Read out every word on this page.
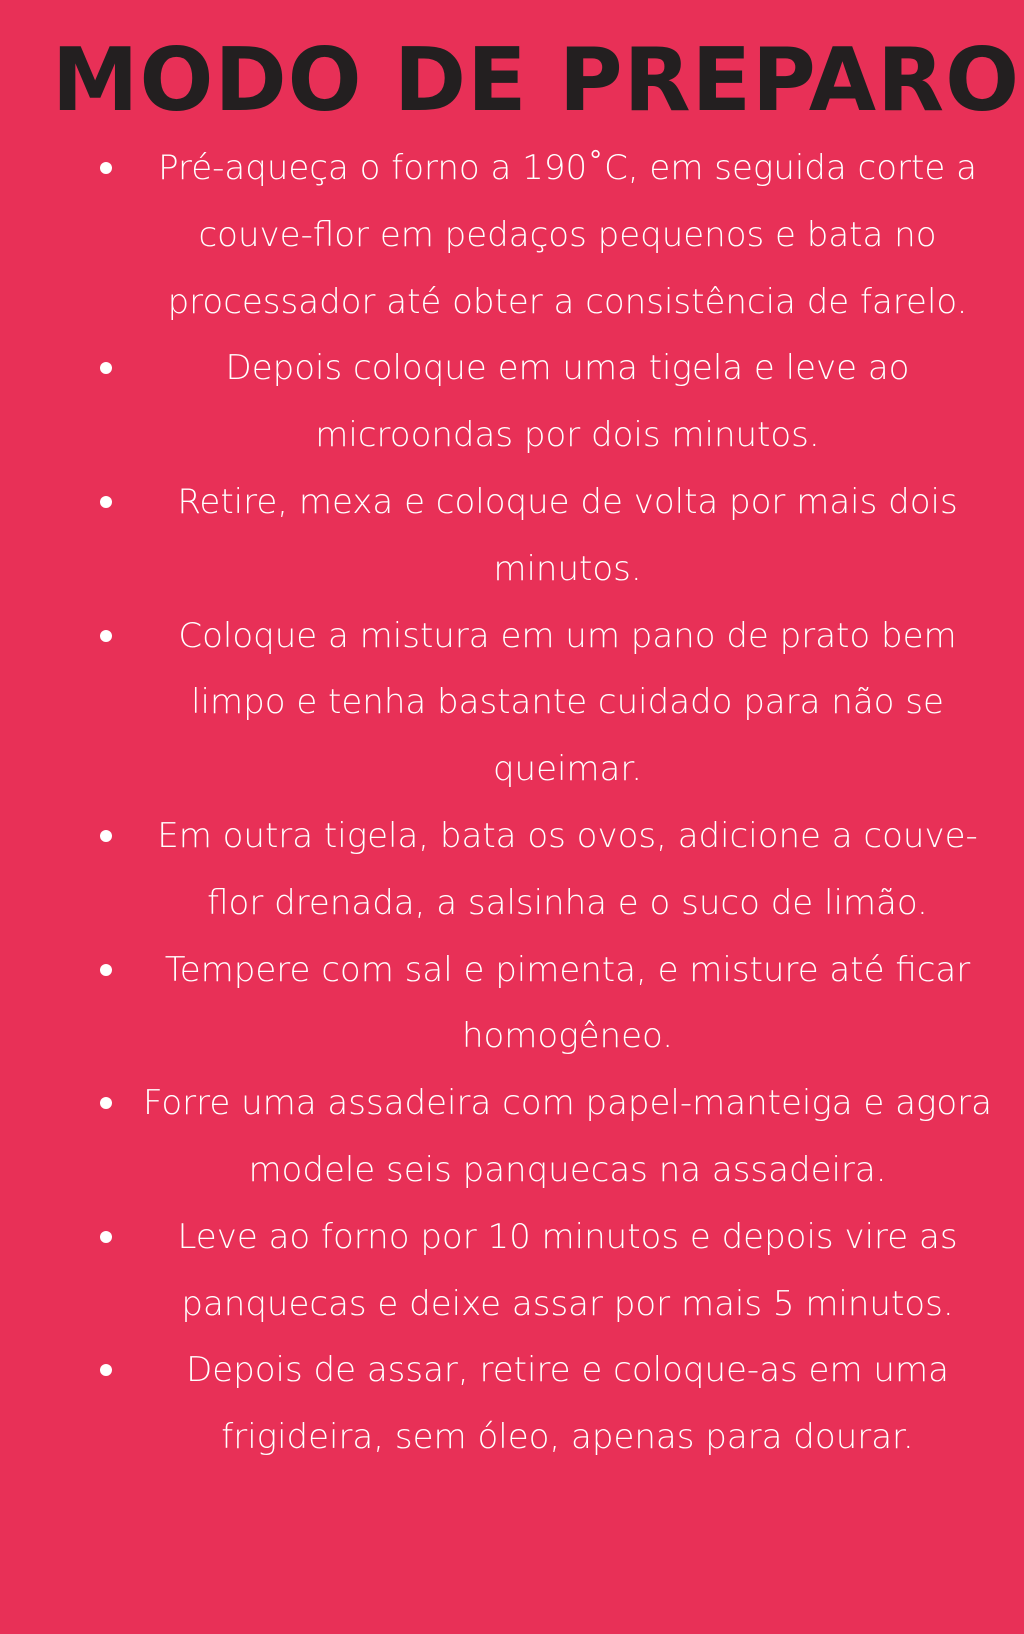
MODO DE PREPARO
Pré-aqueça o forno a 190˚C, em seguida corte a couve-flor em pedaços pequenos e bata no processador até obter a consistência de farelo.
Depois coloque em uma tigela e leve ao microondas por dois minutos.
Retire, mexa e coloque de volta por mais dois minutos.
Coloque a mistura em um pano de prato bem limpo e tenha bastante cuidado para não se queimar.
Em outra tigela, bata os ovos, adicione a couve-flor drenada, a salsinha e o suco de limão.
Tempere com sal e pimenta, e misture até ficar homogêneo.
Forre uma assadeira com papel-manteiga e agora modele seis panquecas na assadeira.
Leve ao forno por 10 minutos e depois vire as panquecas e deixe assar por mais 5 minutos.
Depois de assar, retire e coloque-as em uma frigideira, sem óleo, apenas para dourar.
